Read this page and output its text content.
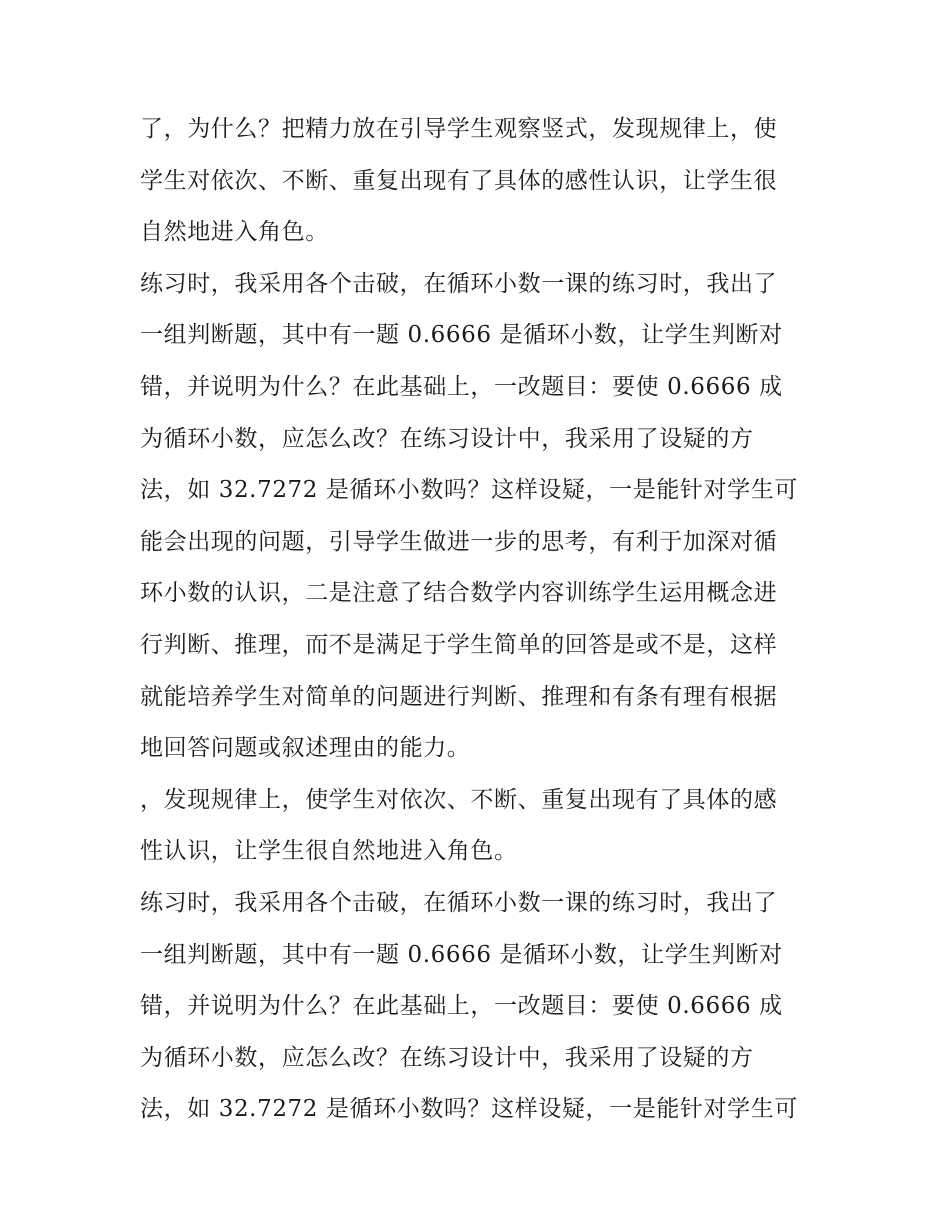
了，为什么？把精力放在引导学生观察竖式，发现规律上，使
学生对依次、不断、重复出现有了具体的感性认识，让学生很
自然地进入角色。
练习时，我采用各个击破，在循环小数一课的练习时，我出了
一组判断题，其中有一题 0.6666 是循环小数，让学生判断对
错，并说明为什么？在此基础上，一改题目：要使 0.6666 成
为循环小数，应怎么改？在练习设计中，我采用了设疑的方
法，如 32.7272 是循环小数吗？这样设疑，一是能针对学生可
能会出现的问题，引导学生做进一步的思考，有利于加深对循
环小数的认识，二是注意了结合数学内容训练学生运用概念进
行判断、推理，而不是满足于学生简单的回答是或不是，这样
就能培养学生对简单的问题进行判断、推理和有条有理有根据
地回答问题或叙述理由的能力。
，发现规律上，使学生对依次、不断、重复出现有了具体的感
性认识，让学生很自然地进入角色。
练习时，我采用各个击破，在循环小数一课的练习时，我出了
一组判断题，其中有一题 0.6666 是循环小数，让学生判断对
错，并说明为什么？在此基础上，一改题目：要使 0.6666 成
为循环小数，应怎么改？在练习设计中，我采用了设疑的方
法，如 32.7272 是循环小数吗？这样设疑，一是能针对学生可
